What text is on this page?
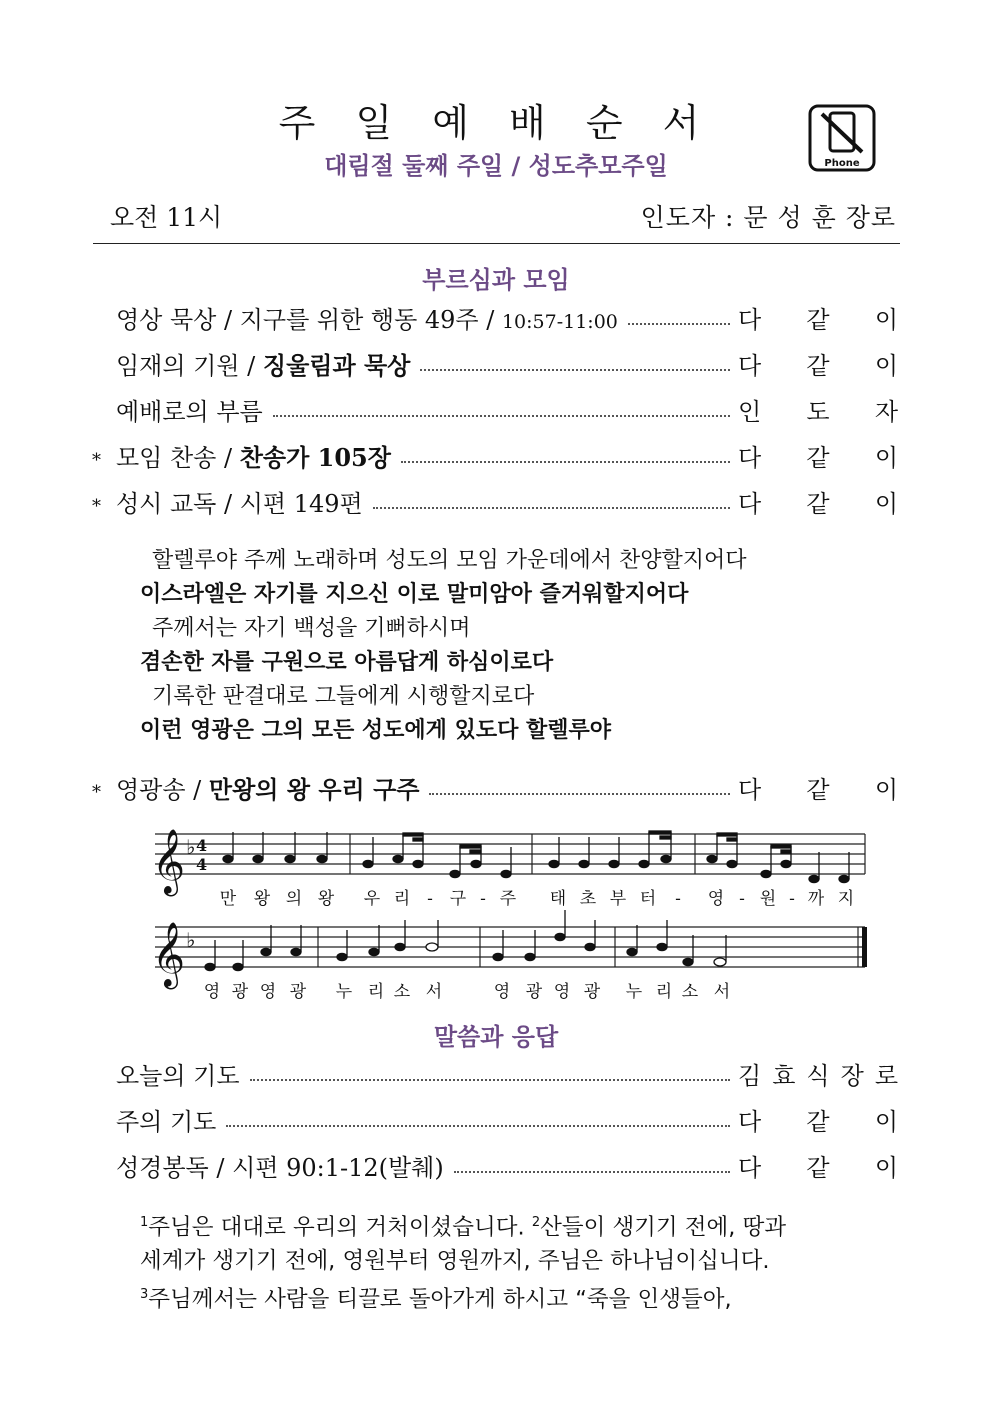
주 일 예 배 순 서
대림절 둘째 주일 / 성도추모주일	Phone
오전 11시	인도자 : 문 성 훈 장로
부르심과 모임
영상 묵상 / 지구를 위한 행동 49주 / 10:57-11:00	다 같 이
임재의 기원 / 징울림과 묵상	다 같 이
예배로의 부름	인 도 자
* 모임 찬송 / 찬송가 105장	다 같 이
* 성시 교독 / 시편 149편	다 같 이
할렐루야 주께 노래하며 성도의 모임 가운데에서 찬양할지어다
이스라엘은 자기를 지으신 이로 말미암아 즐거워할지어다
주께서는 자기 백성을 기뻐하시며
겸손한 자를 구원으로 아름답게 하심이로다
기록한 판결대로 그들에게 시행할지로다
이런 영광은 그의 모든 성도에게 있도다 할렐루야
* 영광송 / 만왕의 왕 우리 구주	다 같 이
𝄞
𝄞
♭
♭
4
4
만 왕 의 왕 우 리 - 구 - 주 태 초 부 터 - 영 - 원 - 까 지
영 광 영 광 누 리 소 서	영 광 영 광 누 리 소 서
말씀과 응답
오늘의 기도	김 효 식 장 로
주의 기도	다 같 이
성경봉독 / 시편 90:1-12(발췌)	다 같 이
$^1$주님은 대대로 우리의 거처이셨습니다. $^2$산들이 생기기 전에, 땅과
세계가 생기기 전에, 영원부터 영원까지, 주님은 하나님이십니다.
$^3$주님께서는 사람을 티끌로 돌아가게 하시고 “죽을 인생들아,
